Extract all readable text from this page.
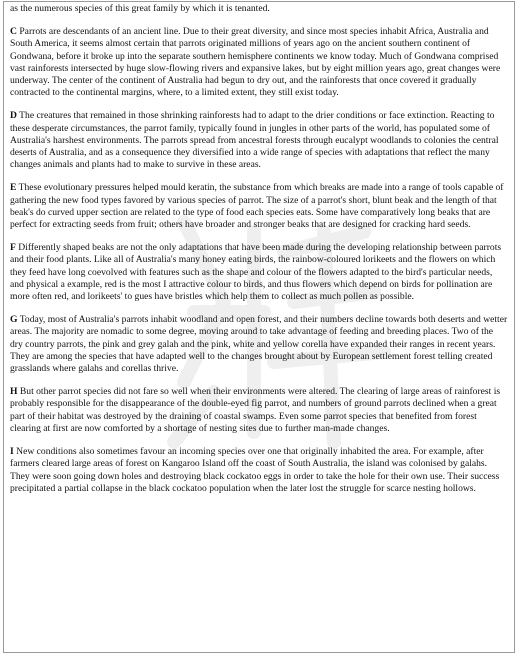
as the numerous species of this great family by which it is tenanted.

C Parrots are descendants of an ancient line. Due to their great diversity, and since most species inhabit Africa, Australia and South America, it seems almost certain that parrots originated millions of years ago on the ancient southern continent of Gondwana, before it broke up into the separate southern hemisphere continents we know today. Much of Gondwana comprised vast rainforests intersected by huge slow-flowing rivers and expansive lakes, but by eight million years ago, great changes were underway. The center of the continent of Australia had begun to dry out, and the rainforests that once covered it gradually contracted to the continental margins, where, to a limited extent, they still exist today.

D The creatures that remained in those shrinking rainforests had to adapt to the drier conditions or face extinction. Reacting to these desperate circumstances, the parrot family, typically found in jungles in other parts of the world, has populated some of Australia's harshest environments. The parrots spread from ancestral forests through eucalypt woodlands to colonies the central deserts of Australia, and as a consequence they diversified into a wide range of species with adaptations that reflect the many changes animals and plants had to make to survive in these areas.

E These evolutionary pressures helped mould keratin, the substance from which breaks are made into a range of tools capable of gathering the new food types favored by various species of parrot. The size of a parrot's short, blunt beak and the length of that beak's do curved upper section are related to the type of food each species eats. Some have comparatively long beaks that are perfect for extracting seeds from fruit; others have broader and stronger beaks that are designed for cracking hard seeds.

F Differently shaped beaks are not the only adaptations that have been made during the developing relationship between parrots and their food plants. Like all of Australia's many honey eating birds, the rainbow-coloured lorikeets and the flowers on which they feed have long coevolved with features such as the shape and colour of the flowers adapted to the bird's particular needs, and physical a example, red is the most I attractive colour to birds, and thus flowers which depend on birds for pollination are more often red, and lorikeets' to gues have bristles which help them to collect as much pollen as possible.

G Today, most of Australia's parrots inhabit woodland and open forest, and their numbers decline towards both deserts and wetter areas. The majority are nomadic to some degree, moving around to take advantage of feeding and breeding places. Two of the dry country parrots, the pink and grey galah and the pink, white and yellow corella have expanded their ranges in recent years. They are among the species that have adapted well to the changes brought about by European settlement forest telling created grasslands where galahs and corellas thrive.

H But other parrot species did not fare so well when their environments were altered. The clearing of large areas of rainforest is probably responsible for the disappearance of the double-eyed fig parrot, and numbers of ground parrots declined when a great part of their habitat was destroyed by the draining of coastal swamps. Even some parrot species that benefited from forest clearing at first are now comforted by a shortage of nesting sites due to further man-made changes.

I New conditions also sometimes favour an incoming species over one that originally inhabited the area. For example, after farmers cleared large areas of forest on Kangaroo Island off the coast of South Australia, the island was colonised by galahs. They were soon going down holes and destroying black cockatoo eggs in order to take the hole for their own use. Their success precipitated a partial collapse in the black cockatoo population when the later lost the struggle for scarce nesting hollows.
